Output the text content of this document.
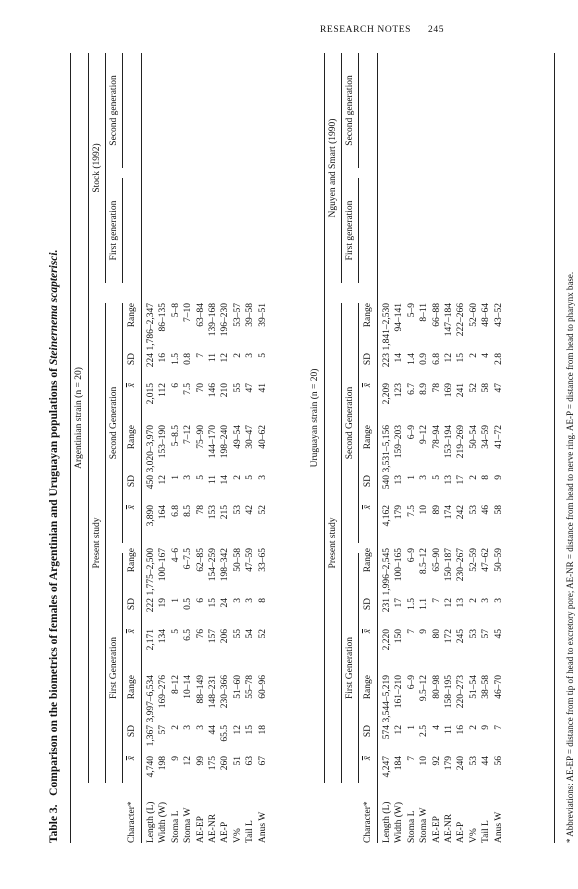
RESEARCH NOTES 245
Table 3.   Comparison on the biometrics of females of Argentinian and Uruguayan populations of Steinernema scapterisci.
Argentinian strain (n = 20)
Present study
Stock (1992)
First Generation
Second Generation
First generation
Second generation
Character*
x̄
SD
Range
x̄
SD
Range
x̄
SD
Range
x̄
SD
Range
Length (L)
4,740
1,367
3,997–6,534
2,171
222
1,775–2,500
3,890
450
3,020–3,970
2,015
224
1,786–2,347
Width (W)
198
57
169–276
134
19
100–167
164
12
153–190
112
16
86–135
Stoma L
9
2
8–12
5
1
4–6
6.8
1
5–8.5
6
1.5
5–8
Stoma W
12
3
10–14
6.5
0.5
6–7.5
8.5
3
7–12
7.5
0.8
7–10
AE-EP
99
3
88–149
76
6
62–85
78
5
75–90
70
7
63–84
AE-NR
175
44
148–231
157
15
154–259
153
11
144–170
146
11
139–168
AE-P
260
65.5
230–366
206
24
198–342
215
14
198–240
210
12
196–230
V%
51
12
51–60
55
3
50–58
53
2
49–54
55
2
53–57
Tail L
63
15
55–78
54
3
47–59
42
5
30–47
47
3
39–58
Anus W
67
18
60–96
52
8
33–65
52
3
40–62
41
5
39–51
Uruguayan strain (n = 20)
Present study
Nguyen and Smart (1990)
First Generation
Second Generation
First generation
Second generation
Character*
x̄
SD
Range
x̄
SD
Range
x̄
SD
Range
x̄
SD
Range
Length (L)
4,247
574
3,544–5,219
2,220
231
1,996–2,545
4,162
540
3,531–5,156
2,209
223
1,841–2,530
Width (W)
184
12
161–210
150
17
100–165
179
13
159–203
123
14
94–141
Stoma L
7
1
6–9
7
1.5
6–9
7.5
1
6–9
6.7
1.4
5–9
Stoma W
10
2.5
9.5–12
9
1.1
8.5–12
10
3
9–12
8.9
0.9
8–11
AE-EP
92
4
80–98
80
7
65–90
89
5
78–94
78
6.8
66–88
AE-NR
179
11
158–195
172
12
150–187
174
13
153–194
169
12
147–184
AE-P
240
16
220–273
245
13
230–267
242
17
219–269
241
15
222–266
V%
53
2
51–54
53
2
52–59
53
2
50–54
52
2
52–60
Tail L
44
9
38–58
57
3
47–62
46
8
34–59
58
4
48–64
Anus W
56
7
46–70
45
3
50–59
58
9
41–72
47
2.8
43–52	* Abbreviations: AE-EP = distance from tip of head to excretory pore; AE-NR = distance from head to nerve ring. AE-P = distance from head to pharynx base.
